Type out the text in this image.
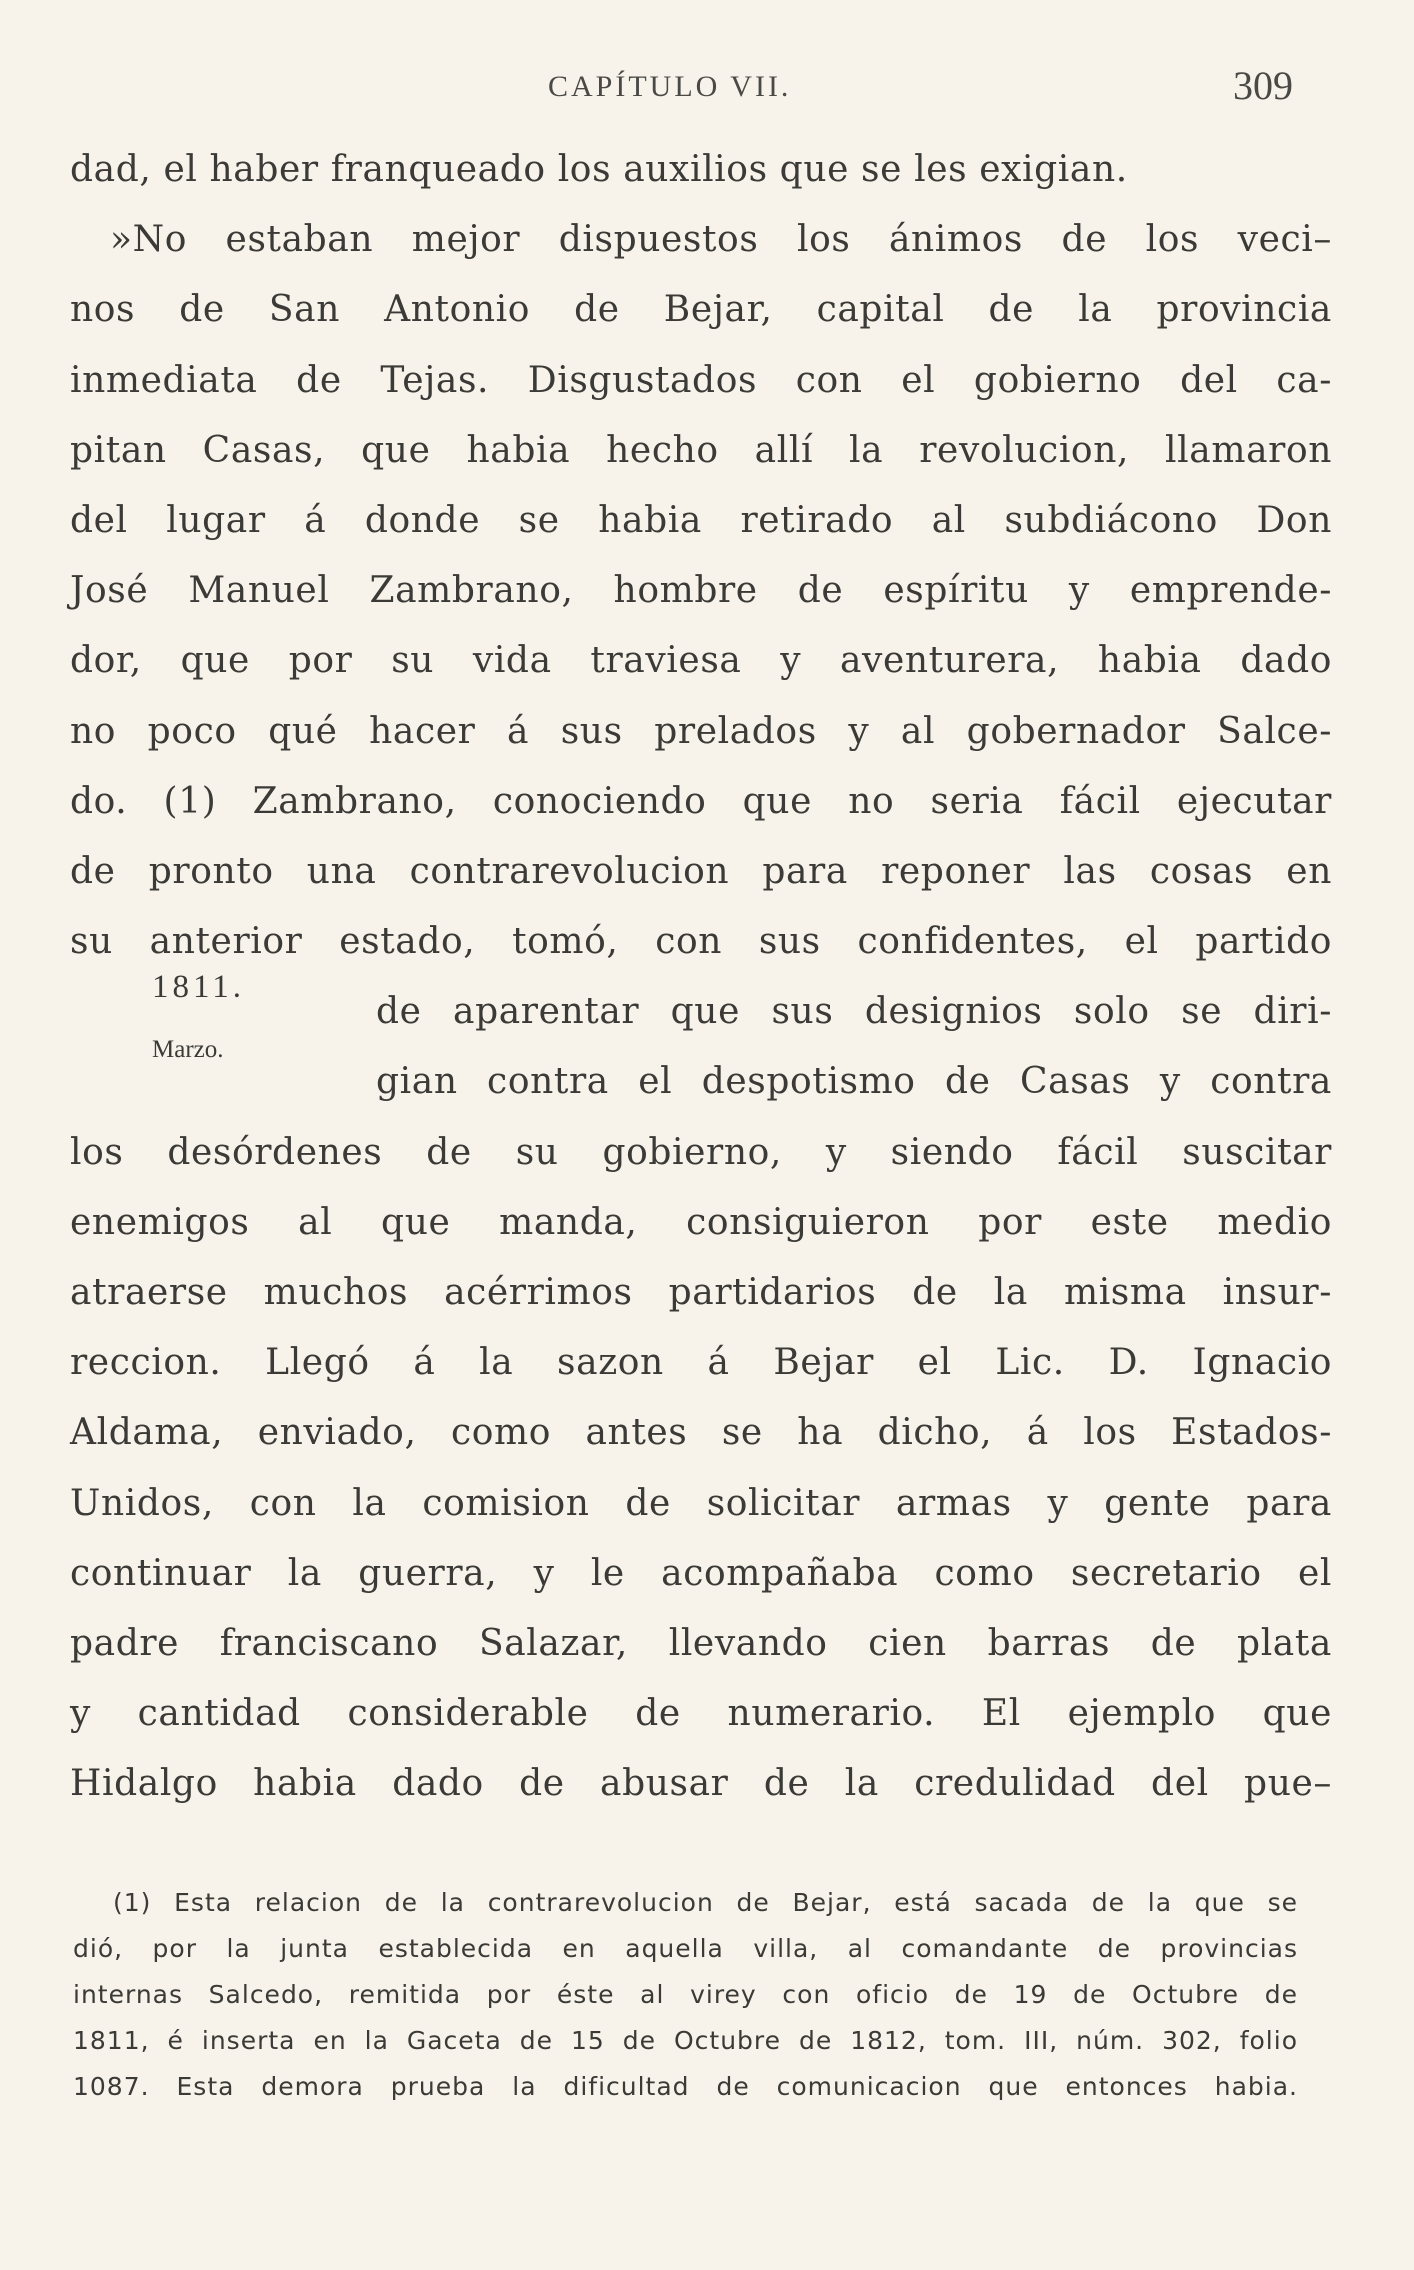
CAPÍTULO VII.	309
1811.
Marzo.
dad, el haber franqueado los auxilios que se les exigian.
»No estaban mejor dispuestos los ánimos de los veci–
nos de San Antonio de Bejar, capital de la provincia
inmediata de Tejas. Disgustados con el gobierno del ca-
pitan Casas, que habia hecho allí la revolucion, llamaron
del lugar á donde se habia retirado al subdiácono Don
José Manuel Zambrano, hombre de espíritu y emprende-
dor, que por su vida traviesa y aventurera, habia dado
no poco qué hacer á sus prelados y al gobernador Salce-
do. (1) Zambrano, conociendo que no seria fácil ejecutar
de pronto una contrarevolucion para reponer las cosas en
su anterior estado, tomó, con sus confidentes, el partido
de aparentar que sus designios solo se diri-
gian contra el despotismo de Casas y contra
los desórdenes de su gobierno, y siendo fácil suscitar
enemigos al que manda, consiguieron por este medio
atraerse muchos acérrimos partidarios de la misma insur-
reccion. Llegó á la sazon á Bejar el Lic. D. Ignacio
Aldama, enviado, como antes se ha dicho, á los Estados-
Unidos, con la comision de solicitar armas y gente para
continuar la guerra, y le acompañaba como secretario el
padre franciscano Salazar, llevando cien barras de plata
y cantidad considerable de numerario. El ejemplo que
Hidalgo habia dado de abusar de la credulidad del pue–
(1) Esta relacion de la contrarevolucion de Bejar, está sacada de la que se
dió, por la junta establecida en aquella villa, al comandante de provincias
internas Salcedo, remitida por éste al virey con oficio de 19 de Octubre de
1811, é inserta en la Gaceta de 15 de Octubre de 1812, tom. III, núm. 302, folio
1087. Esta demora prueba la dificultad de comunicacion que entonces habia.
